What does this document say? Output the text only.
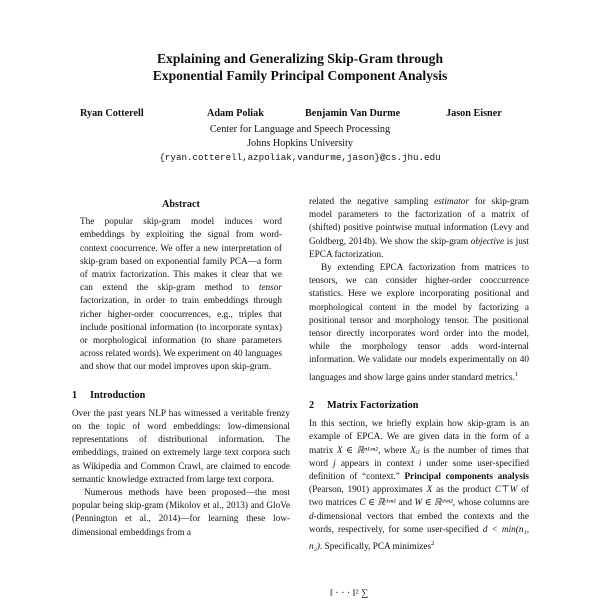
Explaining and Generalizing Skip-Gram through
Exponential Family Principal Component Analysis
Ryan Cotterell	Adam Poliak	Benjamin Van Durme	Jason Eisner
Center for Language and Speech Processing
Johns Hopkins University
{ryan.cotterell,azpoliak,vandurme,jason}@cs.jhu.edu
Abstract

The popular skip-gram model induces word embeddings by exploiting the signal from word-context coocurrence. We offer a new interpretation of skip-gram based on exponential family PCA—a form of matrix factorization. This makes it clear that we can extend the skip-gram method to tensor factorization, in order to train embeddings through richer higher-order coocurrences, e.g., triples that include positional information (to incorporate syntax) or morphological information (to share parameters across related words). We experiment on 40 languages and show that our model improves upon skip-gram.

1 Introduction

Over the past years NLP has witnessed a veritable frenzy on the topic of word embeddings: low-dimensional representations of distributional information. The embeddings, trained on extremely large text corpora such as Wikipedia and Common Crawl, are claimed to encode semantic knowledge extracted from large text corpora.

Numerous methods have been proposed—the most popular being skip-gram (Mikolov et al., 2013) and GloVe (Pennington et al., 2014)—for learning these low-dimensional embeddings from a

related the negative sampling estimator for skip-gram model parameters to the factorization of a matrix of (shifted) positive pointwise mutual information (Levy and Goldberg, 2014b). We show the skip-gram objective is just EPCA factorization.

By extending EPCA factorization from matrices to tensors, we can consider higher-order cooccurrence statistics. Here we explore incorporating positional and morphological content in the model by factorizing a positional tensor and morphology tensor. The positional tensor directly incorporates word order into the model, while the morphology tensor adds word-internal information. We validate our models experimentally on 40 languages and show large gains under standard metrics.$^1$

2 Matrix Factorization

In this section, we briefly explain how skip-gram is an example of EPCA. We are given data in the form of a matrix X ∈ ℝⁿ¹ˣⁿ², where Xᵢⱼ is the number of times that word j appears in context i under some user-specified definition of “context.” Principal components analysis (Pearson, 1901) approximates X as the product C⊤W of two matrices C ∈ ℝᵈˣⁿ¹ and W ∈ ℝᵈˣⁿ², whose columns are d-dimensional vectors that embed the contexts and the words, respectively, for some user-specified d < min(n₁, n₂). Specifically, PCA minimizes$^2$

‖ · · · ‖² ∑
